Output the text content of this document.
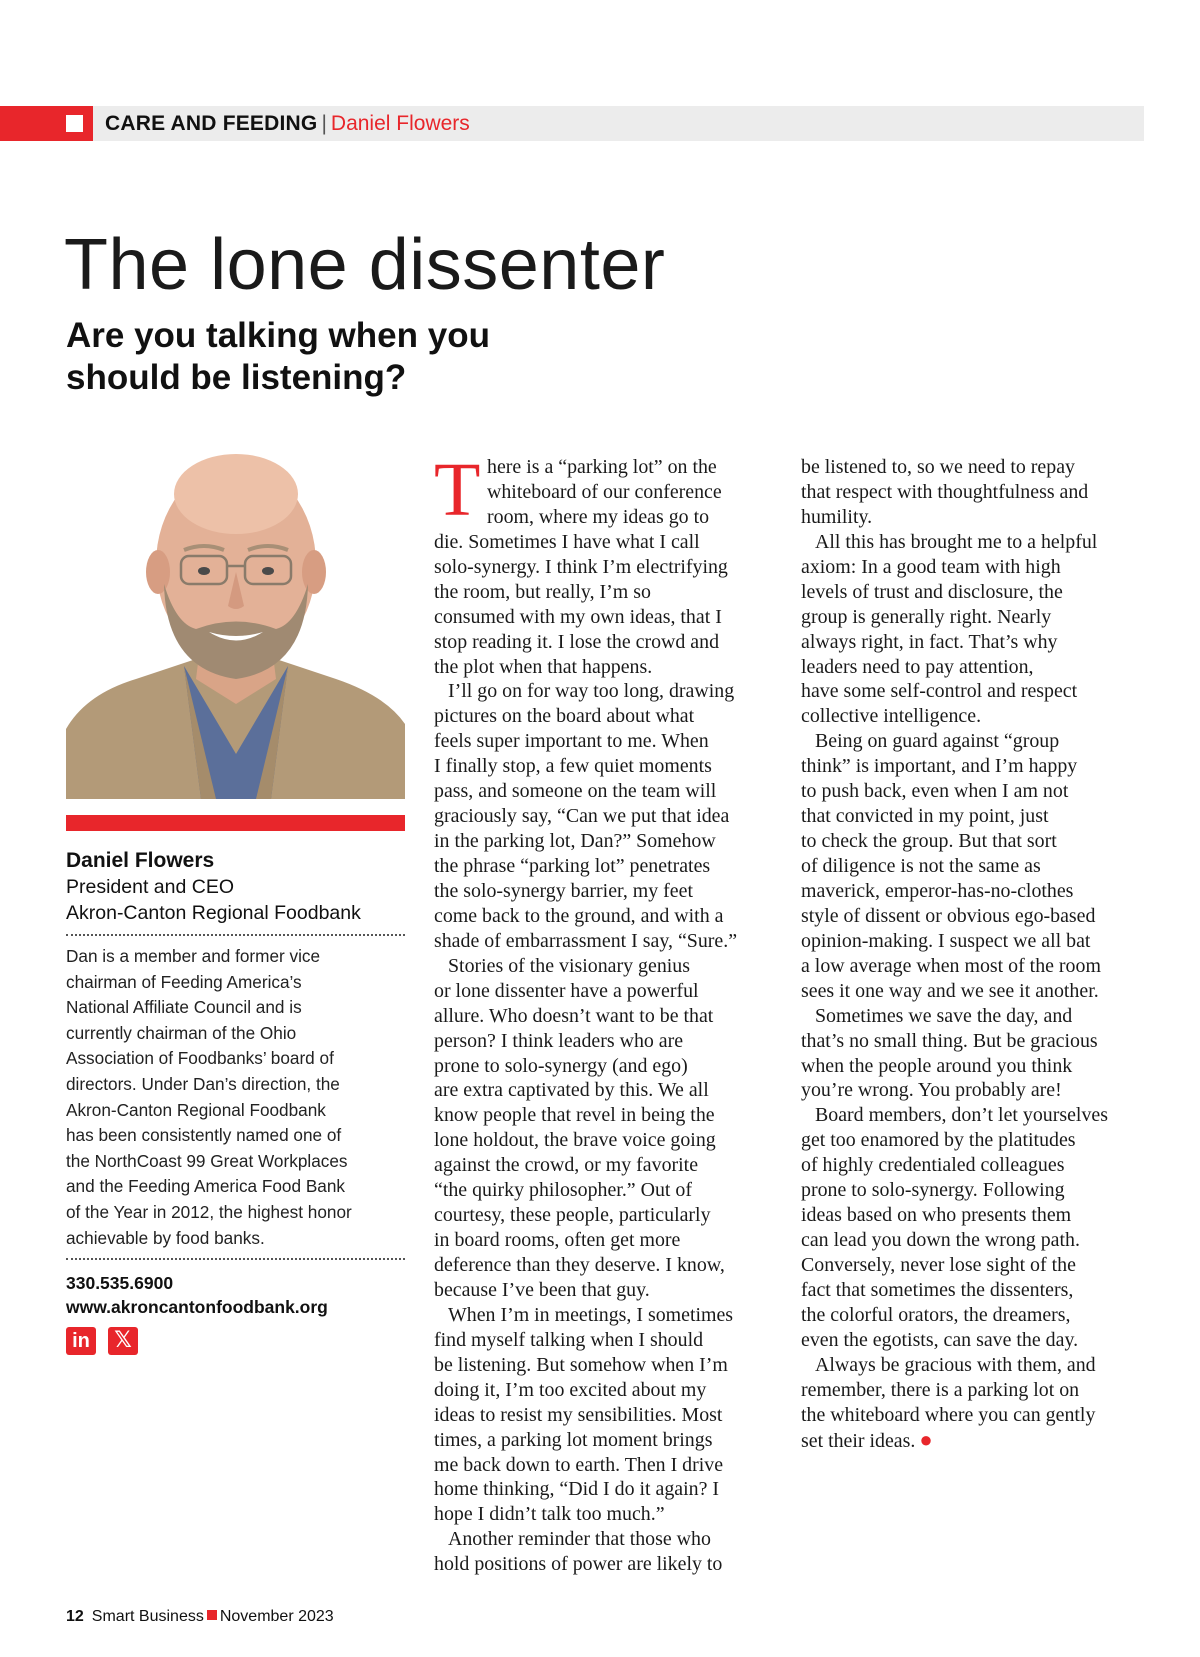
CARE AND FEEDING | Daniel Flowers
The lone dissenter
Are you talking when you
should be listening?
Daniel Flowers
President and CEO
Akron-Canton Regional Foodbank

Dan is a member and former vice

chairman of Feeding America’s

National Affiliate Council and is

currently chairman of the Ohio

Association of Foodbanks’ board of

directors. Under Dan’s direction, the

Akron-Canton Regional Foodbank

has been consistently named one of

the NorthCoast 99 Great Workplaces

and the Feeding America Food Bank

of the Year in 2012, the highest honor

achievable by food banks.

330.535.6900
www.akroncantonfoodbank.org
in 𝕏
T here is a “parking lot” on the
whiteboard of our conference
room, where my ideas go to
die. Sometimes I have what I call
solo-synergy. I think I’m electrifying
the room, but really, I’m so
consumed with my own ideas, that I
stop reading it. I lose the crowd and
the plot when that happens.
I’ll go on for way too long, drawing
pictures on the board about what
feels super important to me. When
I finally stop, a few quiet moments
pass, and someone on the team will
graciously say, “Can we put that idea
in the parking lot, Dan?” Somehow
the phrase “parking lot” penetrates
the solo-synergy barrier, my feet
come back to the ground, and with a
shade of embarrassment I say, “Sure.”
Stories of the visionary genius
or lone dissenter have a powerful
allure. Who doesn’t want to be that
person? I think leaders who are
prone to solo-synergy (and ego)
are extra captivated by this. We all
know people that revel in being the
lone holdout, the brave voice going
against the crowd, or my favorite
“the quirky philosopher.” Out of
courtesy, these people, particularly
in board rooms, often get more
deference than they deserve. I know,
because I’ve been that guy.
When I’m in meetings, I sometimes
find myself talking when I should
be listening. But somehow when I’m
doing it, I’m too excited about my
ideas to resist my sensibilities. Most
times, a parking lot moment brings
me back down to earth. Then I drive
home thinking, “Did I do it again? I
hope I didn’t talk too much.”
Another reminder that those who
hold positions of power are likely to
be listened to, so we need to repay
that respect with thoughtfulness and
humility.
All this has brought me to a helpful
axiom: In a good team with high
levels of trust and disclosure, the
group is generally right. Nearly
always right, in fact. That’s why
leaders need to pay attention,
have some self-control and respect
collective intelligence.
Being on guard against “group
think” is important, and I’m happy
to push back, even when I am not
that convicted in my point, just
to check the group. But that sort
of diligence is not the same as
maverick, emperor-has-no-clothes
style of dissent or obvious ego-based
opinion-making. I suspect we all bat
a low average when most of the room
sees it one way and we see it another.
Sometimes we save the day, and
that’s no small thing. But be gracious
when the people around you think
you’re wrong. You probably are!
Board members, don’t let yourselves
get too enamored by the platitudes
of highly credentialed colleagues
prone to solo-synergy. Following
ideas based on who presents them
can lead you down the wrong path.
Conversely, never lose sight of the
fact that sometimes the dissenters,
the colorful orators, the dreamers,
even the egotists, can save the day.
Always be gracious with them, and
remember, there is a parking lot on
the whiteboard where you can gently
set their ideas. ●
12 Smart Business November 2023
